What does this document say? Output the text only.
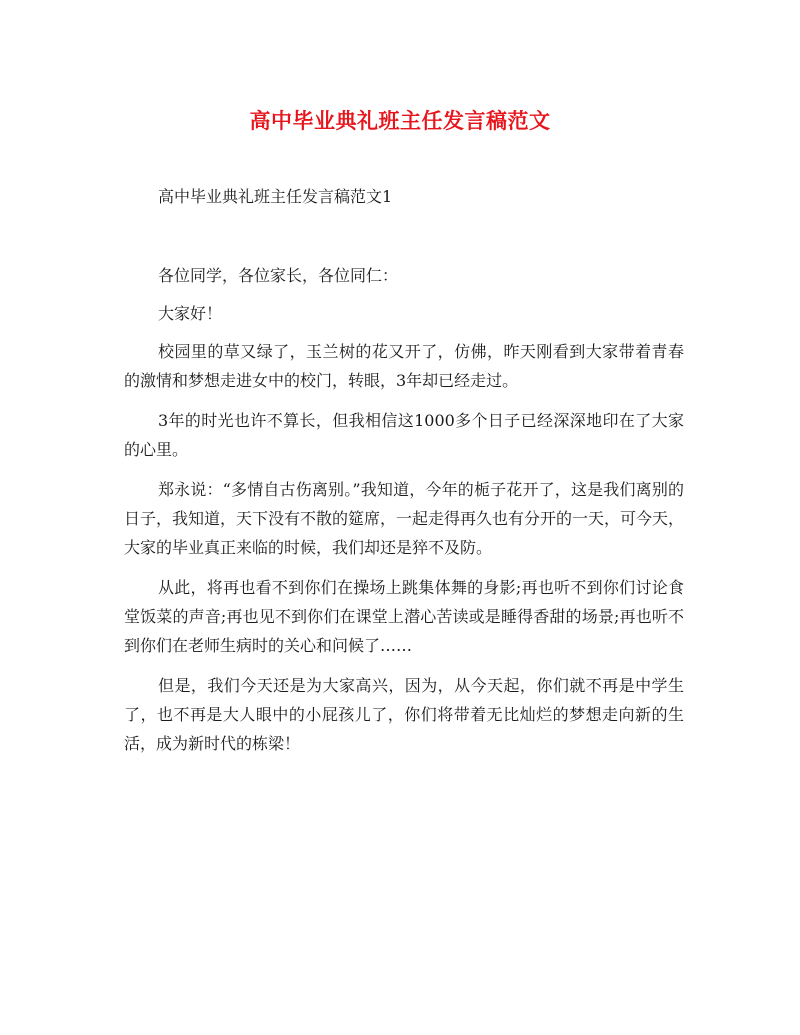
高中毕业典礼班主任发言稿范文
高中毕业典礼班主任发言稿范文1

各位同学，各位家长，各位同仁：

大家好！

校园里的草又绿了，玉兰树的花又开了，仿佛，昨天刚看到大家带着青春的激情和梦想走进女中的校门，转眼，3年却已经走过。

3年的时光也许不算长，但我相信这1000多个日子已经深深地印在了大家的心里。

郑永说：“多情自古伤离别。”我知道，今年的栀子花开了，这是我们离别的日子，我知道，天下没有不散的筵席，一起走得再久也有分开的一天，可今天，大家的毕业真正来临的时候，我们却还是猝不及防。

从此，将再也看不到你们在操场上跳集体舞的身影;再也听不到你们讨论食堂饭菜的声音;再也见不到你们在课堂上潜心苦读或是睡得香甜的场景;再也听不到你们在老师生病时的关心和问候了……

但是，我们今天还是为大家高兴，因为，从今天起，你们就不再是中学生了，也不再是大人眼中的小屁孩儿了，你们将带着无比灿烂的梦想走向新的生活，成为新时代的栋梁！
